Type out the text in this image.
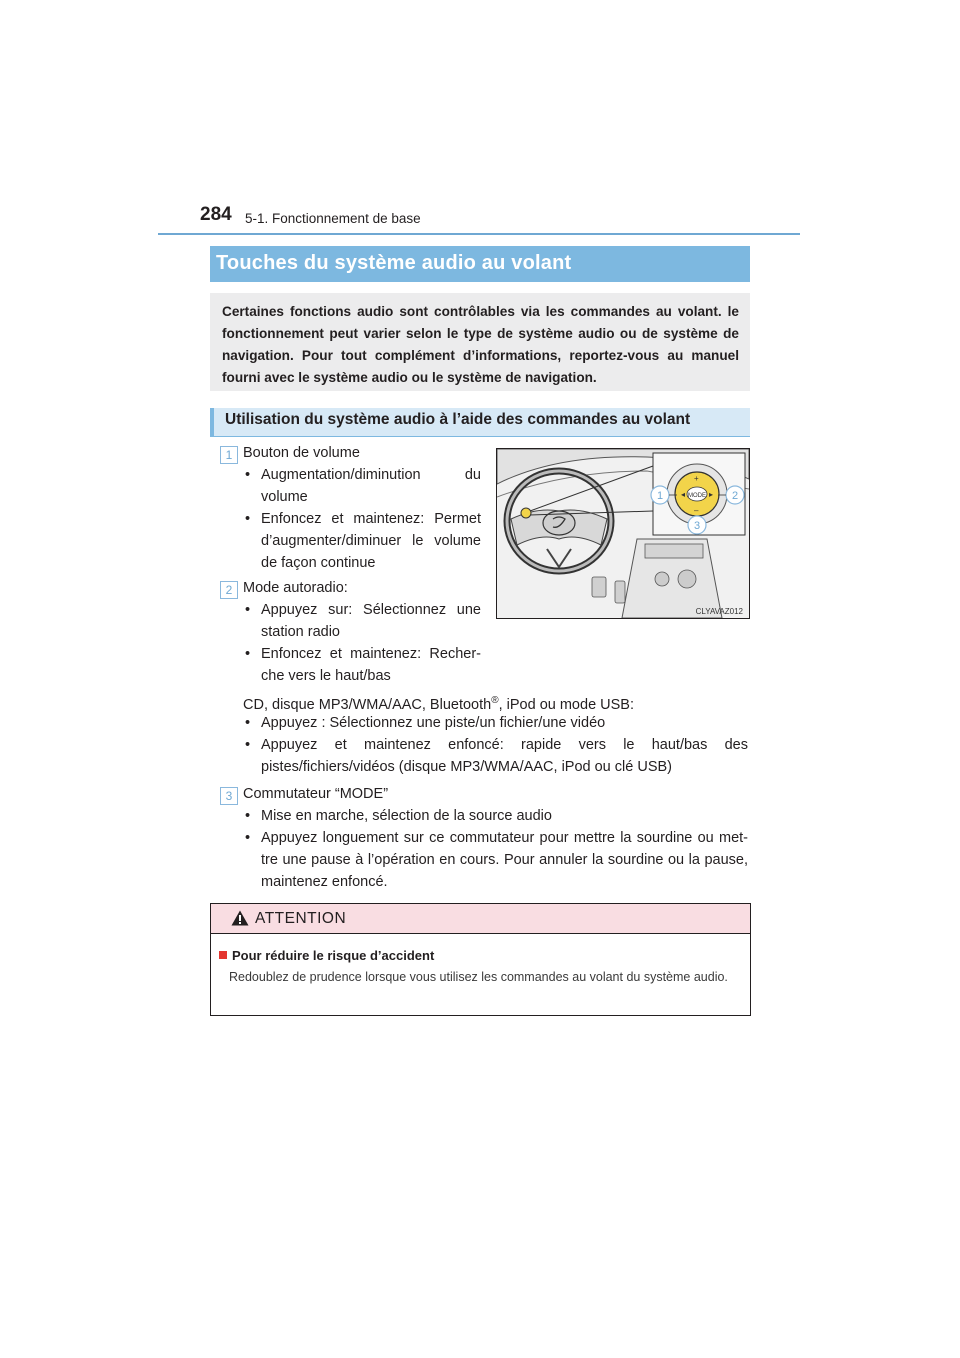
284 5-1. Fonctionnement de base
Touches du système audio au volant
Certaines fonctions audio sont contrôlables via les commandes au volant. le fonctionnement peut varier selon le type de système audio ou de système de navigation. Pour tout complément d’informations, reportez-vous au manuel fourni avec le système audio ou le système de navigation.
Utilisation du système audio à l’aide des commandes au volant
1 Bouton de volume
• Augmentation/diminution du volume
• Enfoncez et maintenez: Permet d’augmenter/diminuer le volume de façon continue
2 Mode autoradio:
• Appuyez sur: Sélectionnez une station radio
• Enfoncez et maintenez: Recher-che vers le haut/bas
CD, disque MP3/WMA/AAC, Bluetooth®, iPod ou mode USB:
• Appuyez : Sélectionnez une piste/un fichier/une vidéo
• Appuyez et maintenez enfoncé: rapide vers le haut/bas des pistes/fichiers/vidéos (disque MP3/WMA/AAC, iPod ou clé USB)
3 Commutateur “MODE”
• Mise en marche, sélection de la source audio
• Appuyez longuement sur ce commutateur pour mettre la sourdine ou met-tre une pause à l’opération en cours. Pour annuler la sourdine ou la pause, maintenez enfoncé.
MODE
◂	▸
+
–
1	2
3
CLYAVAZ012
ATTENTION
Pour réduire le risque d’accident
Redoublez de prudence lorsque vous utilisez les commandes au volant du système audio.
